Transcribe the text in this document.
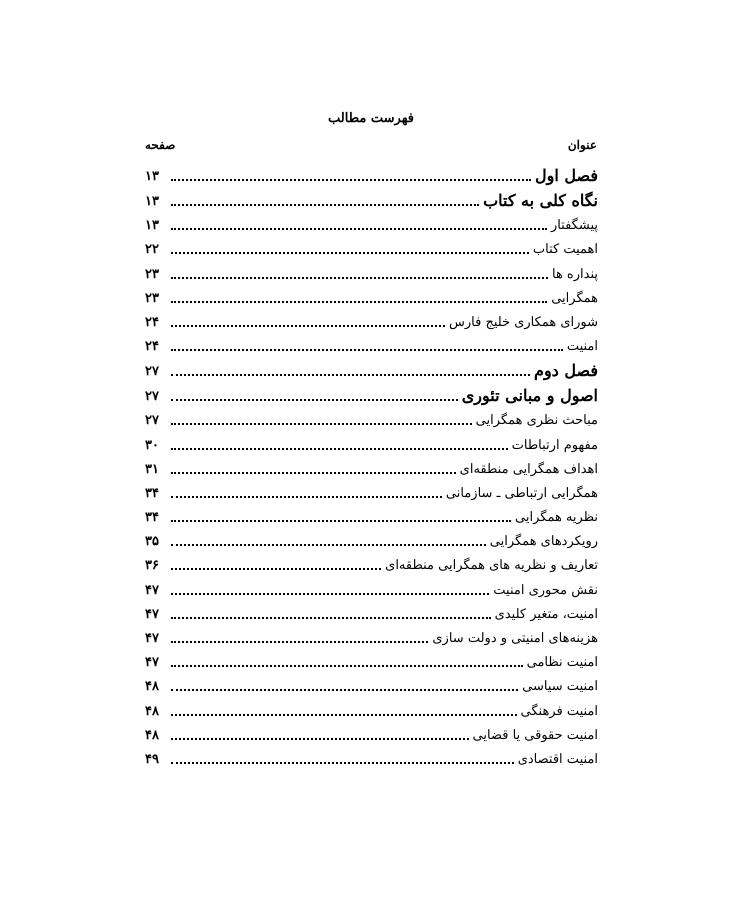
فهرست مطالب
عنوان
صفحه
فصل اول
۱۳
نگاه کلی به کتاب
۱۳
پیشگفتار
۱۳
اهمیت کتاب
۲۲
پنداره ها
۲۳
همگرایی
۲۳
شورای همکاری خلیج فارس
۲۴
امنیت
۲۴
فصل دوم
۲۷
اصول و مبانی تئوری
۲۷
مباحث نظری همگرایی
۲۷
مفهوم ارتباطات
۳۰
اهداف همگرایی منطقه‌ای
۳۱
همگرایی ارتباطی ـ سازمانی
۳۴
نظریه همگرایی
۳۴
رویکردهای همگرایی
۳۵
تعاریف و نظریه های همگرایی منطقه‌ای
۳۶
نقش محوری امنیت
۴۷
امنیت، متغیر کلیدی
۴۷
هزینه‌های امنیتی و دولت سازی
۴۷
امنیت نظامی
۴۷
امنیت سیاسی
۴۸
امنیت فرهنگی
۴۸
امنیت حقوقی یا قضایی
۴۸
امنیت اقتصادی
۴۹
